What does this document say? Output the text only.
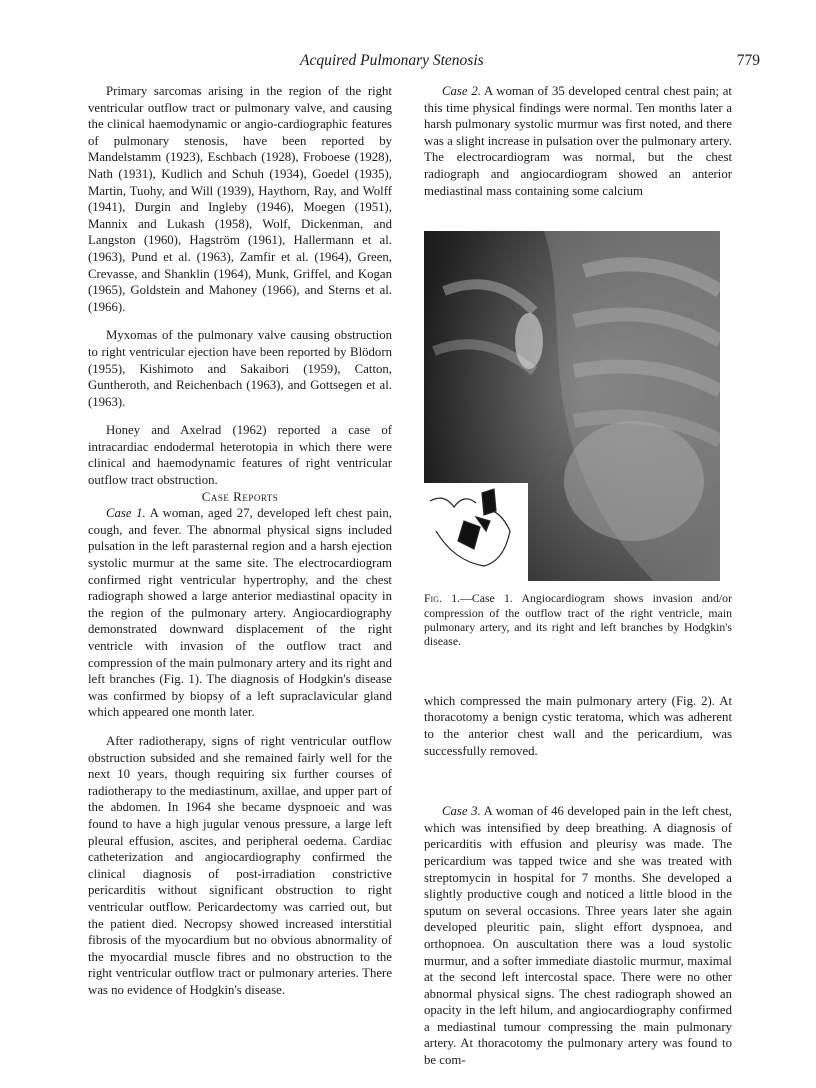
Acquired Pulmonary Stenosis	779

Primary sarcomas arising in the region of the right ventricular outflow tract or pulmonary valve, and causing the clinical haemodynamic or angio-cardiographic features of pulmonary stenosis, have been reported by Mandelstamm (1923), Eschbach (1928), Froboese (1928), Nath (1931), Kudlich and Schuh (1934), Goedel (1935), Martin, Tuohy, and Will (1939), Haythorn, Ray, and Wolff (1941), Durgin and Ingleby (1946), Moegen (1951), Mannix and Lukash (1958), Wolf, Dickenman, and Langston (1960), Hagström (1961), Hallermann et al. (1963), Pund et al. (1963), Zamfir et al. (1964), Green, Crevasse, and Shanklin (1964), Munk, Griffel, and Kogan (1965), Goldstein and Mahoney (1966), and Sterns et al. (1966).

Myxomas of the pulmonary valve causing obstruction to right ventricular ejection have been reported by Blödorn (1955), Kishimoto and Sakaibori (1959), Catton, Guntheroth, and Reichenbach (1963), and Gottsegen et al. (1963).

Honey and Axelrad (1962) reported a case of intracardiac endodermal heterotopia in which there were clinical and haemodynamic features of right ventricular outflow tract obstruction.

Case Reports

Case 1. A woman, aged 27, developed left chest pain, cough, and fever. The abnormal physical signs included pulsation in the left parasternal region and a harsh ejection systolic murmur at the same site. The electrocardiogram confirmed right ventricular hypertrophy, and the chest radiograph showed a large anterior mediastinal opacity in the region of the pulmonary artery. Angiocardiography demonstrated downward displacement of the right ventricle with invasion of the outflow tract and compression of the main pulmonary artery and its right and left branches (Fig. 1). The diagnosis of Hodgkin's disease was confirmed by biopsy of a left supraclavicular gland which appeared one month later.

After radiotherapy, signs of right ventricular outflow obstruction subsided and she remained fairly well for the next 10 years, though requiring six further courses of radiotherapy to the mediastinum, axillae, and upper part of the abdomen. In 1964 she became dyspnoeic and was found to have a high jugular venous pressure, a large left pleural effusion, ascites, and peripheral oedema. Cardiac catheterization and angiocardiography confirmed the clinical diagnosis of post-irradiation constrictive pericarditis without significant obstruction to right ventricular outflow. Pericardectomy was carried out, but the patient died. Necropsy showed increased interstitial fibrosis of the myocardium but no obvious abnormality of the myocardial muscle fibres and no obstruction to the right ventricular outflow tract or pulmonary arteries. There was no evidence of Hodgkin's disease.

Case 2. A woman of 35 developed central chest pain; at this time physical findings were normal. Ten months later a harsh pulmonary systolic murmur was first noted, and there was a slight increase in pulsation over the pulmonary artery. The electrocardiogram was normal, but the chest radiograph and angiocardiogram showed an anterior mediastinal mass containing some calcium

Fig. 1.—Case 1. Angiocardiogram shows invasion and/or compression of the outflow tract of the right ventricle, main pulmonary artery, and its right and left branches by Hodgkin's disease.

which compressed the main pulmonary artery (Fig. 2). At thoracotomy a benign cystic teratoma, which was adherent to the anterior chest wall and the pericardium, was successfully removed.

Case 3. A woman of 46 developed pain in the left chest, which was intensified by deep breathing. A diagnosis of pericarditis with effusion and pleurisy was made. The pericardium was tapped twice and she was treated with streptomycin in hospital for 7 months. She developed a slightly productive cough and noticed a little blood in the sputum on several occasions. Three years later she again developed pleuritic pain, slight effort dyspnoea, and orthopnoea. On auscultation there was a loud systolic murmur, and a softer immediate diastolic murmur, maximal at the second left intercostal space. There were no other abnormal physical signs. The chest radiograph showed an opacity in the left hilum, and angiocardiography confirmed a mediastinal tumour compressing the main pulmonary artery. At thoracotomy the pulmonary artery was found to be com-
